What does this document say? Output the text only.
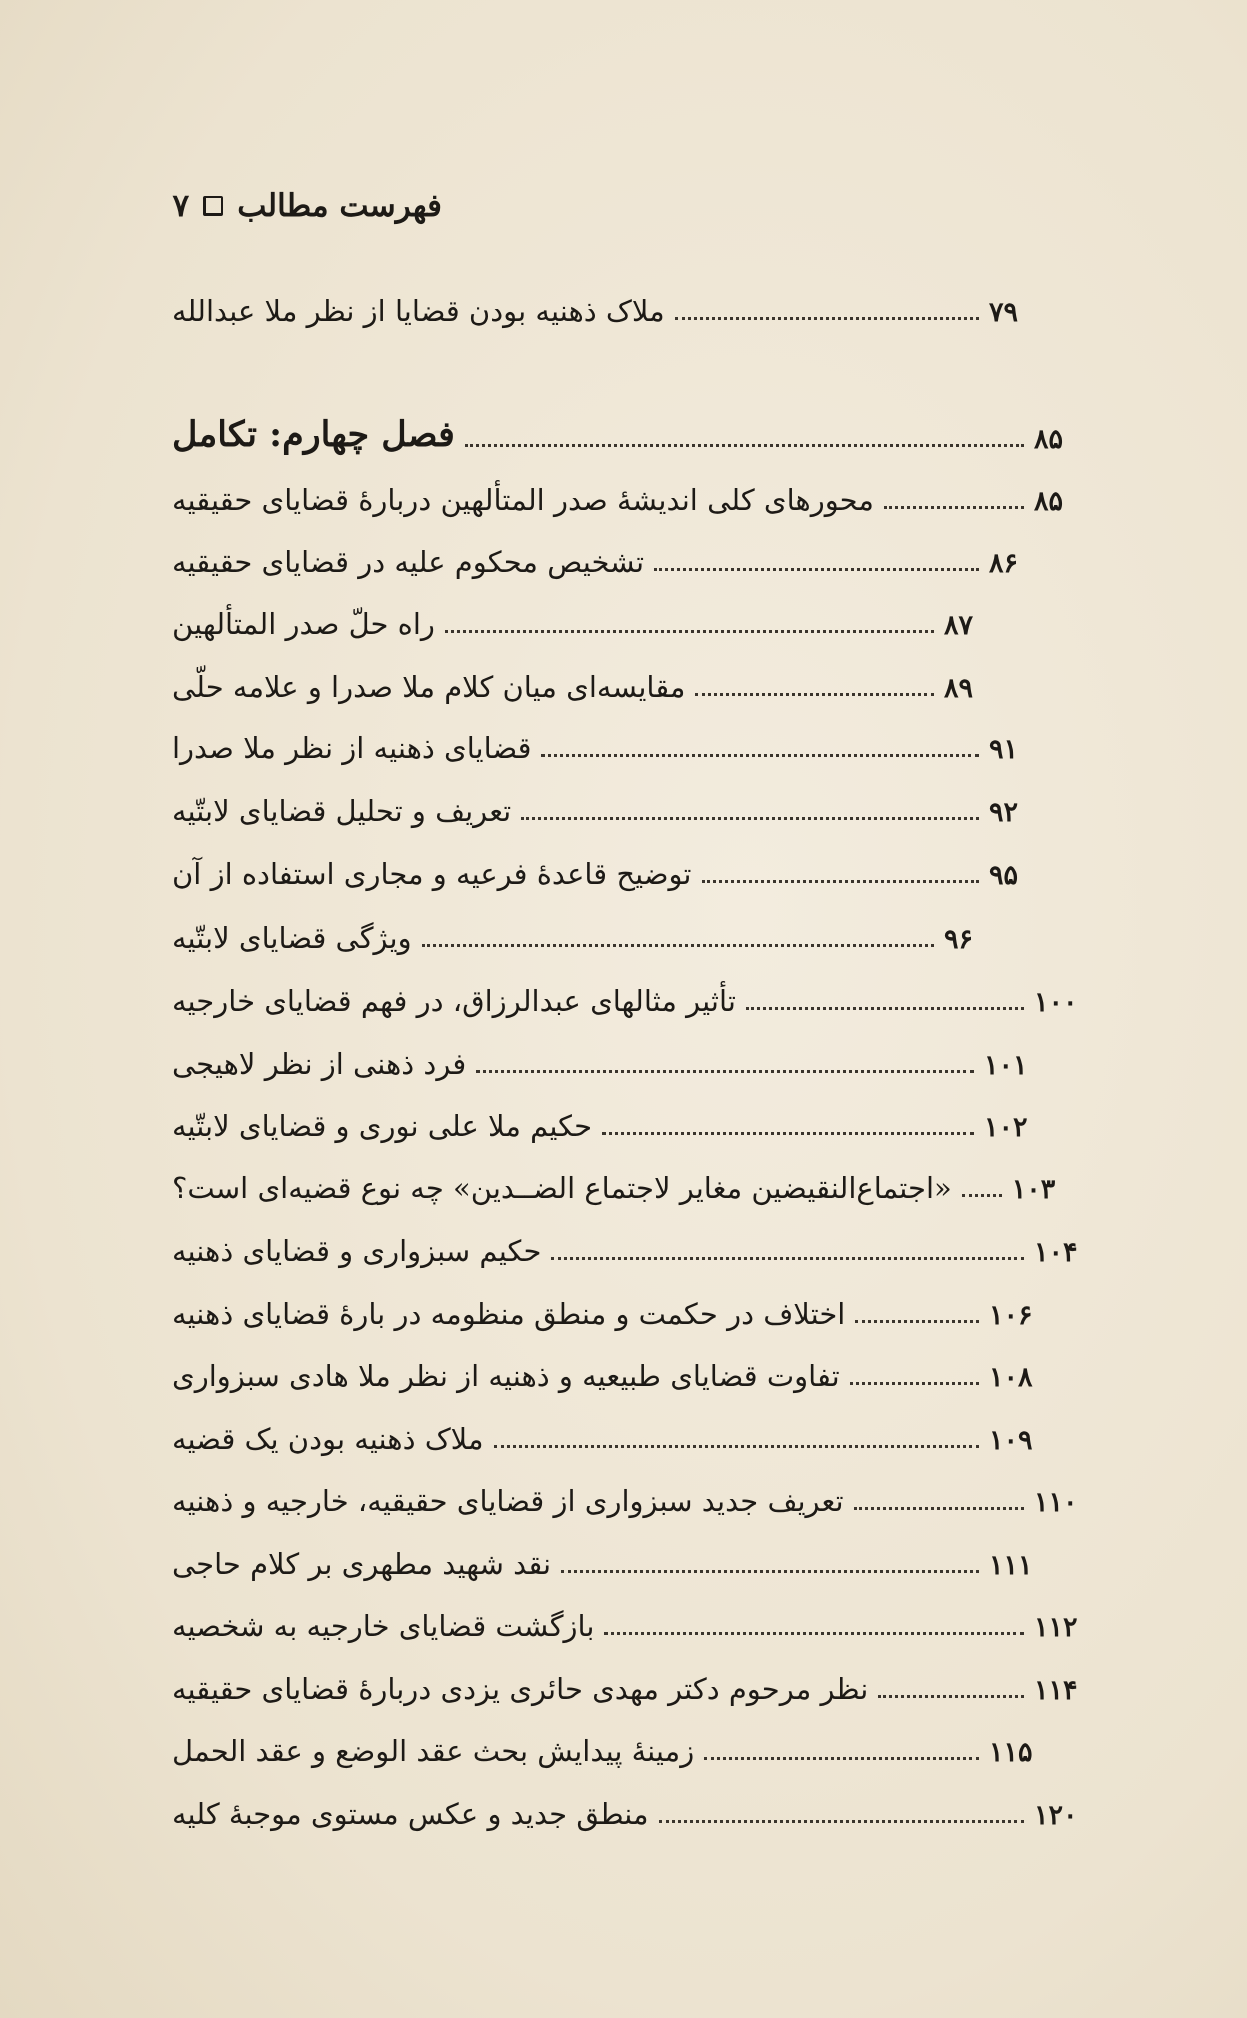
۷ فهرست مطالب
ملاک ذهنیه بودن قضایا از نظر ملا عبدالله	۷۹
فصل چهارم: تکامل	۸۵
محورهای کلی اندیشهٔ صدر المتألهین دربارهٔ قضایای حقیقیه	۸۵
تشخیص محکوم علیه در قضایای حقیقیه	۸۶
راه حلّ صدر المتألهین	۸۷
مقایسه‌ای میان کلام ملا صدرا و علامه حلّی	۸۹
قضایای ذهنیه از نظر ملا صدرا	۹۱
تعریف و تحلیل قضایای لابتّیه	۹۲
توضیح قاعدهٔ فرعیه و مجاری استفاده از آن	۹۵
ویژگی قضایای لابتّیه	۹۶
تأثیر مثالهای عبدالرزاق، در فهم قضایای خارجیه	۱۰۰
فرد ذهنی از نظر لاهیجی	۱۰۱
حکیم ملا علی نوری و قضایای لابتّیه	۱۰۲
«اجتماع‌النقیضین مغایر لاجتماع الضــدین» چه نوع قضیه‌ای است؟ ۱۰۳
حکیم سبزواری و قضایای ذهنیه	۱۰۴
اختلاف در حکمت و منطق منظومه در بارهٔ قضایای ذهنیه	۱۰۶
تفاوت قضایای طبیعیه و ذهنیه از نظر ملا هادی سبزواری	۱۰۸
ملاک ذهنیه بودن یک قضیه	۱۰۹
تعریف جدید سبزواری از قضایای حقیقیه، خارجیه و ذهنیه	۱۱۰
نقد شهید مطهری بر کلام حاجی	۱۱۱
بازگشت قضایای خارجیه به شخصیه	۱۱۲
نظر مرحوم دکتر مهدی حائری یزدی دربارهٔ قضایای حقیقیه	۱۱۴
زمینهٔ پیدایش بحث عقد الوضع و عقد الحمل	۱۱۵
منطق جدید و عکس مستوی موجبهٔ کلیه	۱۲۰
